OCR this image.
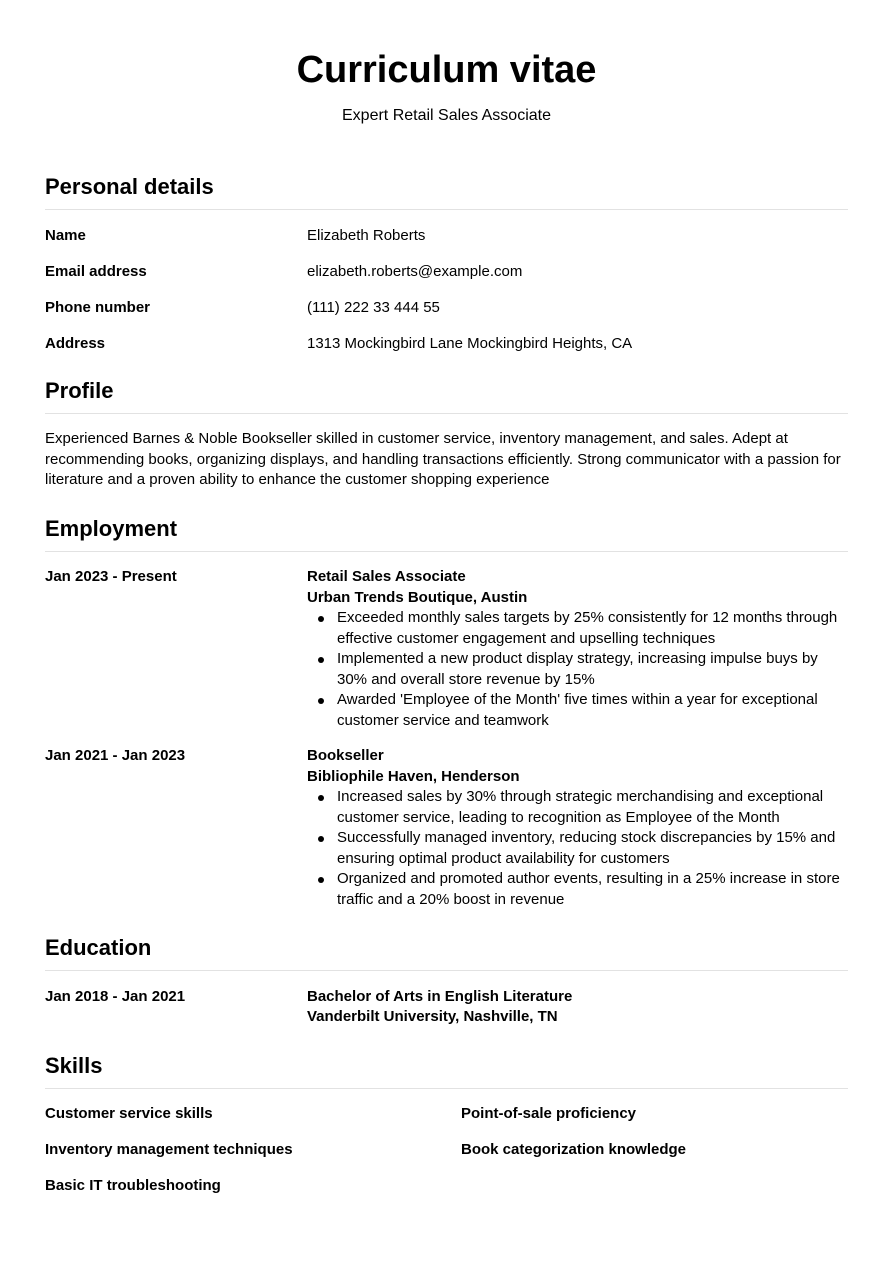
Curriculum vitae
Expert Retail Sales Associate
Personal details
Name	Elizabeth Roberts
Email address	elizabeth.roberts@example.com
Phone number	(111) 222 33 444 55
Address	1313 Mockingbird Lane Mockingbird Heights, CA
Profile
Experienced Barnes & Noble Bookseller skilled in customer service, inventory management, and sales. Adept at recommending books, organizing displays, and handling transactions efficiently. Strong communicator with a passion for literature and a proven ability to enhance the customer shopping experience
Employment
Jan 2023 - Present	Retail Sales Associate
Urban Trends Boutique, Austin
Exceeded monthly sales targets by 25% consistently for 12 months through effective customer engagement and upselling techniques
Implemented a new product display strategy, increasing impulse buys by 30% and overall store revenue by 15%
Awarded 'Employee of the Month' five times within a year for exceptional customer service and teamwork
Jan 2021 - Jan 2023	Bookseller
Bibliophile Haven, Henderson
Increased sales by 30% through strategic merchandising and exceptional customer service, leading to recognition as Employee of the Month
Successfully managed inventory, reducing stock discrepancies by 15% and ensuring optimal product availability for customers
Organized and promoted author events, resulting in a 25% increase in store traffic and a 20% boost in revenue
Education
Jan 2018 - Jan 2021	Bachelor of Arts in English Literature
Vanderbilt University, Nashville, TN
Skills
Customer service skills	Point-of-sale proficiency
Inventory management techniques	Book categorization knowledge
Basic IT troubleshooting
